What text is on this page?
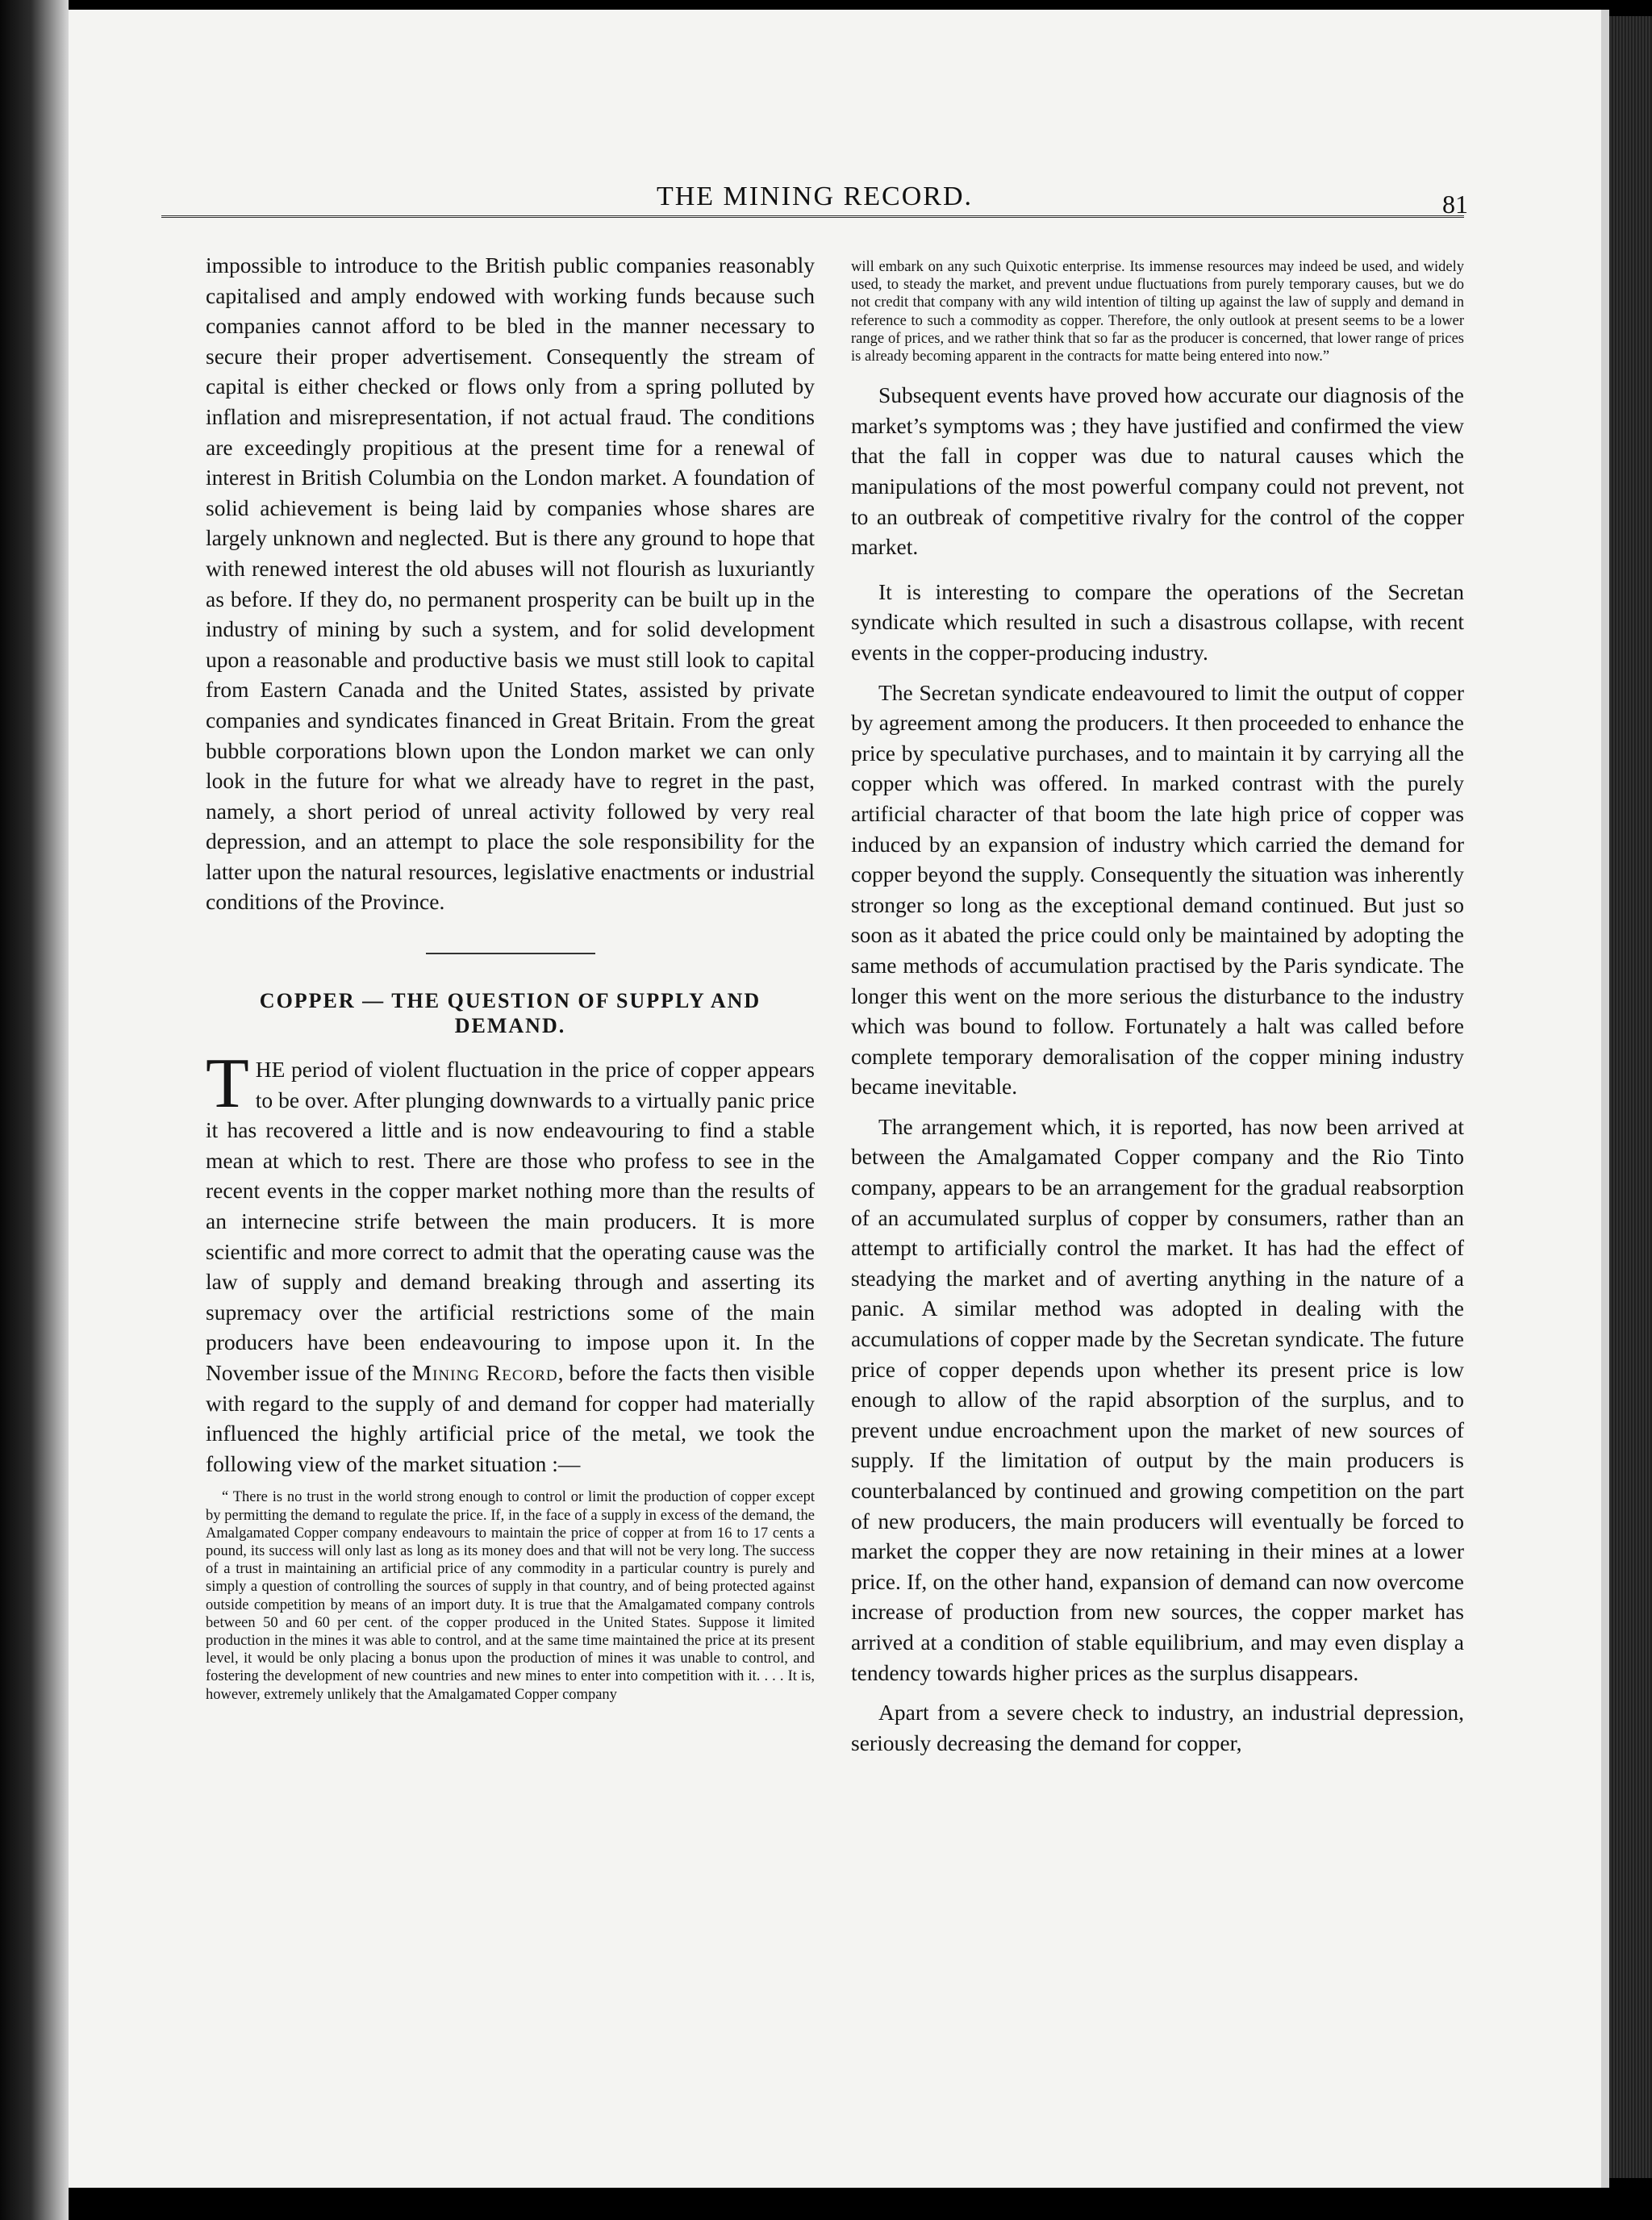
THE MINING RECORD.	81

impossible to introduce to the British public companies reasonably capitalised and amply endowed with working funds because such companies cannot afford to be bled in the manner necessary to secure their proper advertisement. Consequently the stream of capital is either checked or flows only from a spring polluted by inflation and misrepresentation, if not actual fraud. The conditions are exceedingly propitious at the present time for a renewal of interest in British Columbia on the London market. A foundation of solid achievement is being laid by companies whose shares are largely unknown and neglected. But is there any ground to hope that with renewed interest the old abuses will not flourish as luxuriantly as before. If they do, no permanent prosperity can be built up in the industry of mining by such a system, and for solid development upon a reasonable and productive basis we must still look to capital from Eastern Canada and the United States, assisted by private companies and syndicates financed in Great Britain. From the great bubble corporations blown upon the London market we can only look in the future for what we already have to regret in the past, namely, a short period of unreal activity followed by very real depression, and an attempt to place the sole responsibility for the latter upon the natural resources, legislative enactments or industrial conditions of the Province.

COPPER — THE QUESTION OF SUPPLY AND DEMAND.
T HE period of violent fluctuation in the price of copper appears to be over. After plunging downwards to a virtually panic price it has recovered a little and is now endeavouring to find a stable mean at which to rest. There are those who profess to see in the recent events in the copper market nothing more than the results of an internecine strife between the main producers. It is more scientific and more correct to admit that the operating cause was the law of supply and demand breaking through and asserting its supremacy over the artificial restrictions some of the main producers have been endeavouring to impose upon it. In the November issue of the Mining Record, before the facts then visible with regard to the supply of and demand for copper had materially influenced the highly artificial price of the metal, we took the following view of the market situation :—

“ There is no trust in the world strong enough to control or limit the production of copper except by permitting the demand to regulate the price. If, in the face of a supply in excess of the demand, the Amalgamated Copper company endeavours to maintain the price of copper at from 16 to 17 cents a pound, its success will only last as long as its money does and that will not be very long. The success of a trust in maintaining an artificial price of any commodity in a particular country is purely and simply a question of controlling the sources of supply in that country, and of being protected against outside competition by means of an import duty. It is true that the Amalgamated company controls between 50 and 60 per cent. of the copper produced in the United States. Suppose it limited production in the mines it was able to control, and at the same time maintained the price at its present level, it would be only placing a bonus upon the production of mines it was unable to control, and fostering the development of new countries and new mines to enter into competition with it. . . . It is, however, extremely unlikely that the Amalgamated Copper company

will embark on any such Quixotic enterprise. Its immense resources may indeed be used, and widely used, to steady the market, and prevent undue fluctuations from purely temporary causes, but we do not credit that company with any wild intention of tilting up against the law of supply and demand in reference to such a commodity as copper. Therefore, the only outlook at present seems to be a lower range of prices, and we rather think that so far as the producer is concerned, that lower range of prices is already becoming apparent in the contracts for matte being entered into now.”

Subsequent events have proved how accurate our diagnosis of the market’s symptoms was ; they have justified and confirmed the view that the fall in copper was due to natural causes which the manipulations of the most powerful company could not prevent, not to an outbreak of competitive rivalry for the control of the copper market.

It is interesting to compare the operations of the Secretan syndicate which resulted in such a disastrous collapse, with recent events in the copper-producing industry.

The Secretan syndicate endeavoured to limit the output of copper by agreement among the producers. It then proceeded to enhance the price by speculative purchases, and to maintain it by carrying all the copper which was offered. In marked contrast with the purely artificial character of that boom the late high price of copper was induced by an expansion of industry which carried the demand for copper beyond the supply. Consequently the situation was inherently stronger so long as the exceptional demand continued. But just so soon as it abated the price could only be maintained by adopting the same methods of accumulation practised by the Paris syndicate. The longer this went on the more serious the disturbance to the industry which was bound to follow. Fortunately a halt was called before complete temporary demoralisation of the copper mining industry became inevitable.

The arrangement which, it is reported, has now been arrived at between the Amalgamated Copper company and the Rio Tinto company, appears to be an arrangement for the gradual reabsorption of an accumulated surplus of copper by consumers, rather than an attempt to artificially control the market. It has had the effect of steadying the market and of averting anything in the nature of a panic. A similar method was adopted in dealing with the accumulations of copper made by the Secretan syndicate. The future price of copper depends upon whether its present price is low enough to allow of the rapid absorption of the surplus, and to prevent undue encroachment upon the market of new sources of supply. If the limitation of output by the main producers is counterbalanced by continued and growing competition on the part of new producers, the main producers will eventually be forced to market the copper they are now retaining in their mines at a lower price. If, on the other hand, expansion of demand can now overcome increase of production from new sources, the copper market has arrived at a condition of stable equilibrium, and may even display a tendency towards higher prices as the surplus disappears.

Apart from a severe check to industry, an industrial depression, seriously decreasing the demand for copper,
